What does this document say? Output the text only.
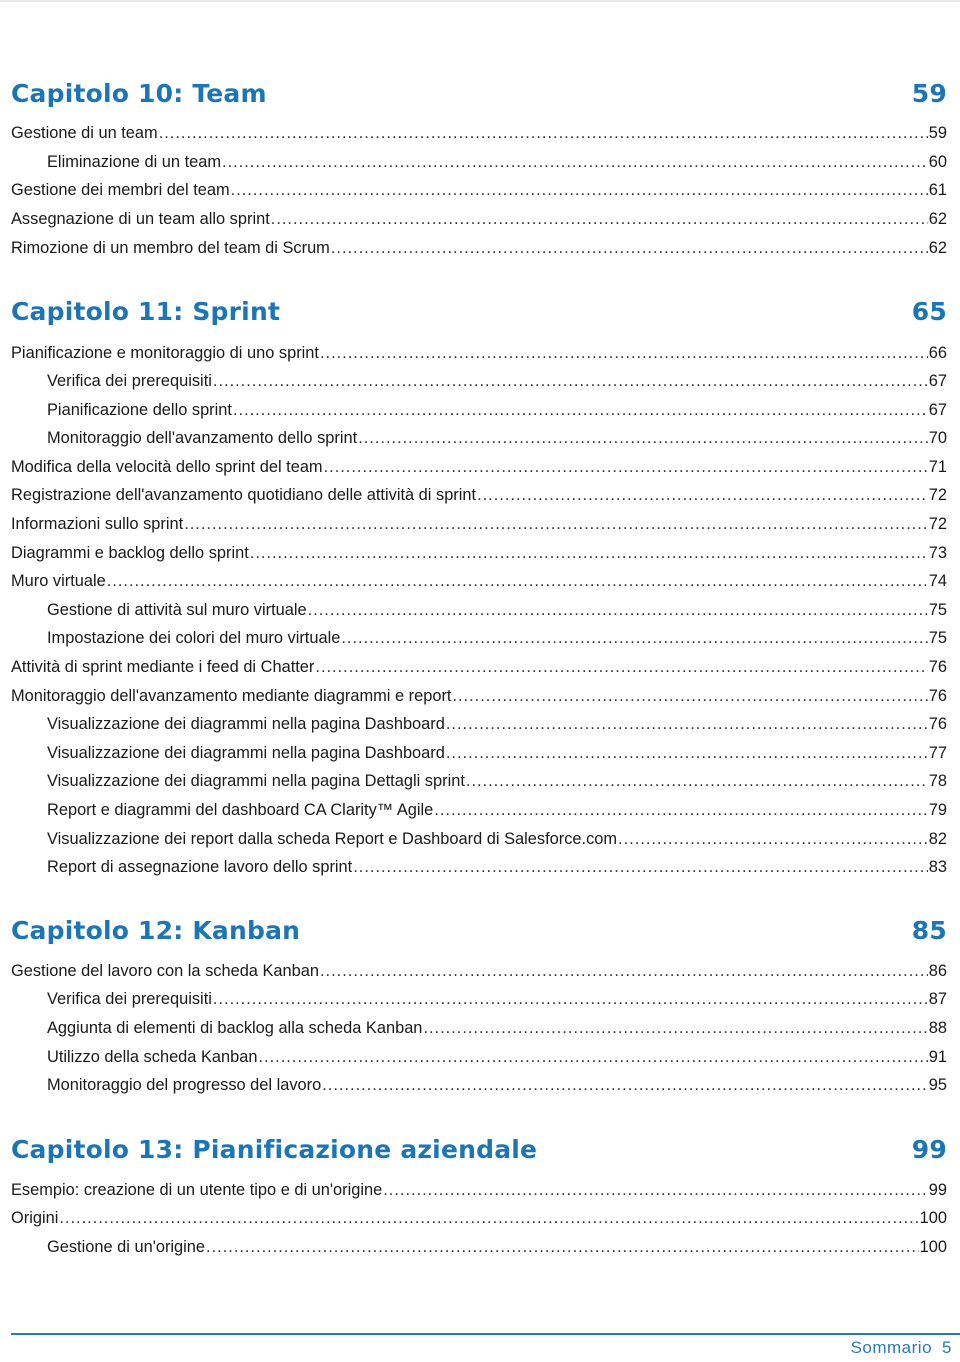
Capitolo 10: Team	59
Gestione di un team .....	59
Eliminazione di un team .....	60
Gestione dei membri del team .....	61
Assegnazione di un team allo sprint .....	62
Rimozione di un membro del team di Scrum .....	62
Capitolo 11: Sprint	65
Pianificazione e monitoraggio di uno sprint .....	66
Verifica dei prerequisiti .....	67
Pianificazione dello sprint .....	67
Monitoraggio dell'avanzamento dello sprint .....	70
Modifica della velocità dello sprint del team .....	71
Registrazione dell'avanzamento quotidiano delle attività di sprint .....	72
Informazioni sullo sprint .....	72
Diagrammi e backlog dello sprint .....	73
Muro virtuale .....	74
Gestione di attività sul muro virtuale .....	75
Impostazione dei colori del muro virtuale .....	75
Attività di sprint mediante i feed di Chatter .....	76
Monitoraggio dell'avanzamento mediante diagrammi e report .....	76
Visualizzazione dei diagrammi nella pagina Dashboard .....	76
Visualizzazione dei diagrammi nella pagina Dashboard .....	77
Visualizzazione dei diagrammi nella pagina Dettagli sprint .....	78
Report e diagrammi del dashboard CA Clarity™ Agile .....	79
Visualizzazione dei report dalla scheda Report e Dashboard di Salesforce.com .....	82
Report di assegnazione lavoro dello sprint .....	83
Capitolo 12: Kanban	85
Gestione del lavoro con la scheda Kanban .....	86
Verifica dei prerequisiti .....	87
Aggiunta di elementi di backlog alla scheda Kanban .....	88
Utilizzo della scheda Kanban .....	91
Monitoraggio del progresso del lavoro .....	95
Capitolo 13: Pianificazione aziendale	99
Esempio: creazione di un utente tipo e di un'origine .....	99
Origini .....	100
Gestione di un'origine .....	100
Sommario 5
